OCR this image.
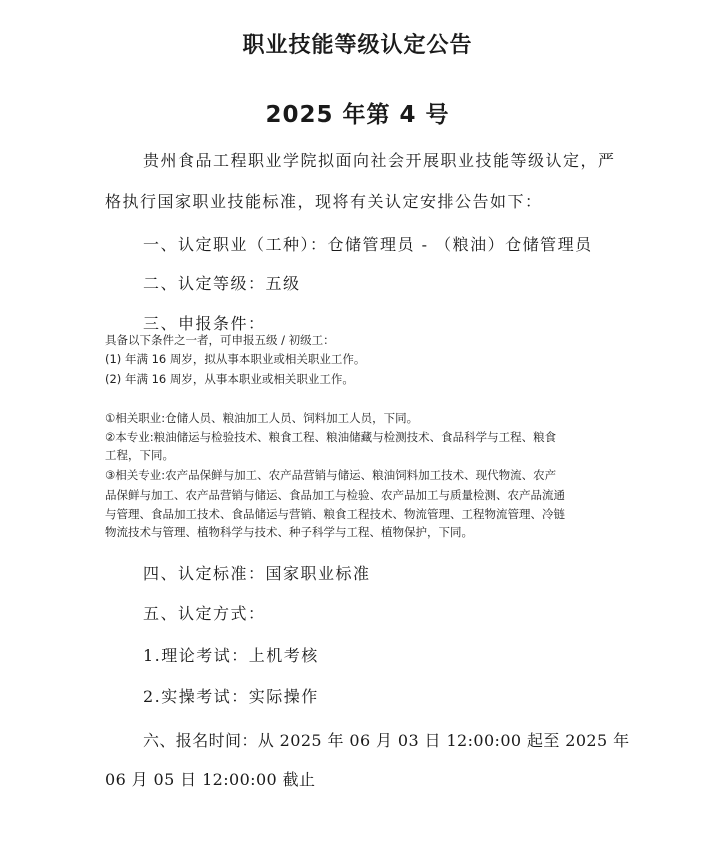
职业技能等级认定公告
2025 年第 4 号
贵州食品工程职业学院拟面向社会开展职业技能等级认定，严
格执行国家职业技能标准，现将有关认定安排公告如下：
一、认定职业（工种）：仓储管理员 - （粮油）仓储管理员
二、认定等级：五级
三、申报条件：
具备以下条件之一者，可申报五级 / 初级工：
(1) 年满 16 周岁，拟从事本职业或相关职业工作。
(2) 年满 16 周岁，从事本职业或相关职业工作。
①相关职业:仓储人员、粮油加工人员、饲料加工人员，下同。
②本专业:粮油储运与检验技术、粮食工程、粮油储藏与检测技术、食品科学与工程、粮食
工程，下同。
③相关专业:农产品保鲜与加工、农产品营销与储运、粮油饲料加工技术、现代物流、农产
品保鲜与加工、农产品营销与储运、食品加工与检验、农产品加工与质量检测、农产品流通
与管理、食品加工技术、食品储运与营销、粮食工程技术、物流管理、工程物流管理、冷链
物流技术与管理、植物科学与技术、种子科学与工程、植物保护，下同。
四、认定标准：国家职业标准
五、认定方式：
1.理论考试：上机考核
2.实操考试：实际操作
六、报名时间：从 2025 年 06 月 03 日 12:00:00 起至 2025 年
06 月 05 日 12:00:00 截止
